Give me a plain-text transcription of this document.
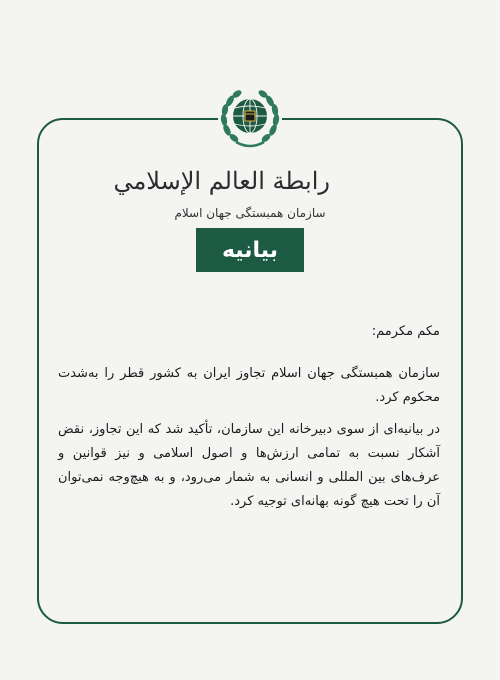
رابطة العالم الإسلامي
سازمان همبستگی جهان اسلام
بیانیه

مکم مکرمم:

سازمان همبستگی جهان اسلام تجاوز ایران به کشور قطر را به‌شدت محکوم کرد.

در بیانیه‌ای از سوی دبیرخانه این سازمان، تأکید شد که این تجاوز، نقض آشکار نسبت به تمامی ارزش‌ها و اصول اسلامی و نیز قوانین و عرف‌های بین المللی و انسانی به شمار می‌رود، و به هیچ‌وجه نمی‌توان آن را تحت هیچ گونه بهانه‌ای توجیه کرد.
